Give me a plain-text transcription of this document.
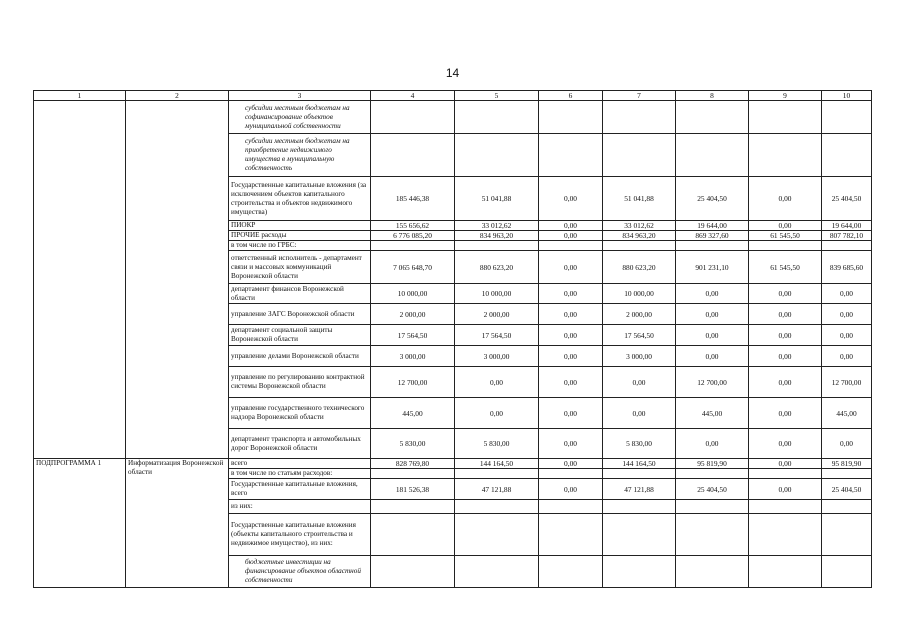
14
1	2	3	4	5	6	7	8	9	10
		субсидии местным бюджетам на софинансирование объектов муниципальной собственности							
		субсидии местным бюджетам на приобретение недвижимого имущества в муниципальную собственность							
		Государственные капитальные вложения (за исключением объектов капитального строительства и объектов недвижимого имущества)	185 446,38	51 041,88	0,00	51 041,88	25 404,50	0,00	25 404,50
		ПИОКР	155 656,62	33 012,62	0,00	33 012,62	19 644,00	0,00	19 644,00
		ПРОЧИЕ расходы	6 776 085,20	834 963,20	0,00	834 963,20	869 327,60	61 545,50	807 782,10
		в том числе по ГРБС:							
		ответственный исполнитель - департамент связи и массовых коммуникаций Воронежской области	7 065 648,70	880 623,20	0,00	880 623,20	901 231,10	61 545,50	839 685,60
		департамент финансов Воронежской области	10 000,00	10 000,00	0,00	10 000,00	0,00	0,00	0,00
		управление ЗАГС Воронежской области	2 000,00	2 000,00	0,00	2 000,00	0,00	0,00	0,00
		департамент социальной защиты Воронежской области	17 564,50	17 564,50	0,00	17 564,50	0,00	0,00	0,00
		управление делами Воронежской области	3 000,00	3 000,00	0,00	3 000,00	0,00	0,00	0,00
		управление по регулированию контрактной системы Воронежской области	12 700,00	0,00	0,00	0,00	12 700,00	0,00	12 700,00
		управление государственного технического надзора Воронежской области	445,00	0,00	0,00	0,00	445,00	0,00	445,00
		департамент транспорта и автомобильных дорог Воронежской области	5 830,00	5 830,00	0,00	5 830,00	0,00	0,00	0,00
ПОДПРОГРАММА 1	Информатизация Воронежской области	всего	828 769,80	144 164,50	0,00	144 164,50	95 819,90	0,00	95 819,90
		в том числе по статьям расходов:							
		Государственные капитальные вложения, всего	181 526,38	47 121,88	0,00	47 121,88	25 404,50	0,00	25 404,50
		из них:							
		Государственные капитальные вложения (объекты капитального строительства и недвижимое имущество), из них:							
		бюджетные инвестиции на финансирование объектов областной собственности							
